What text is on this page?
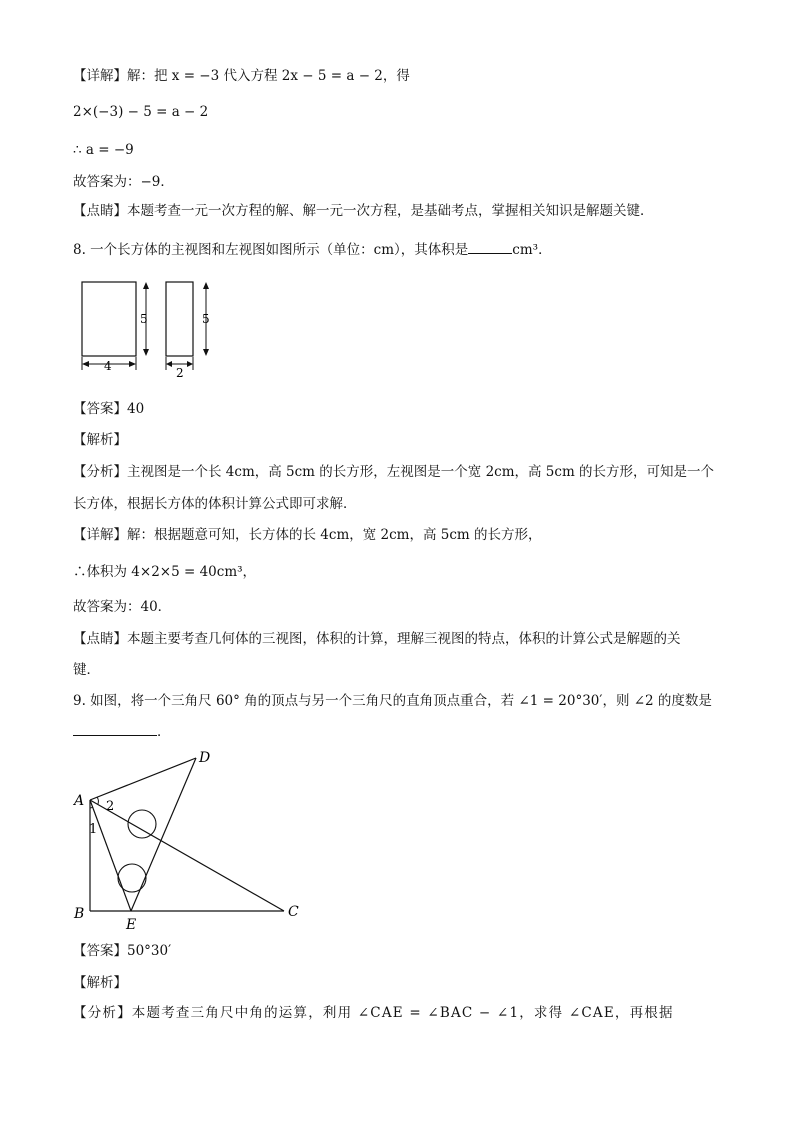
【详解】解：把 x = −3 代入方程 2x − 5 = a − 2，得
2×(−3) − 5 = a − 2
∴ a = −9
故答案为：−9．
【点睛】本题考查一元一次方程的解、解一元一次方程，是基础考点，掌握相关知识是解题关键．
8. 一个长方体的主视图和左视图如图所示（单位：cm），其体积是	cm³．
5
4
5
2
【答案】40
【解析】
【分析】主视图是一个长 4cm，高 5cm 的长方形，左视图是一个宽 2cm，高 5cm 的长方形，可知是一个
长方体，根据长方体的体积计算公式即可求解．
【详解】解：根据题意可知，长方体的长 4cm，宽 2cm，高 5cm 的长方形，
∴体积为 4×2×5 = 40cm³，
故答案为：40．
【点睛】本题主要考查几何体的三视图，体积的计算，理解三视图的特点，体积的计算公式是解题的关
键．
9. 如图，将一个三角尺 60° 角的顶点与另一个三角尺的直角顶点重合，若 ∠1 = 20°30′，则 ∠2 的度数是
．
A
B	C
D
E
2
1
【答案】50°30′
【解析】
【分析】本题考查三角尺中角的运算，利用 ∠CAE = ∠BAC − ∠1，求得 ∠CAE，再根据
